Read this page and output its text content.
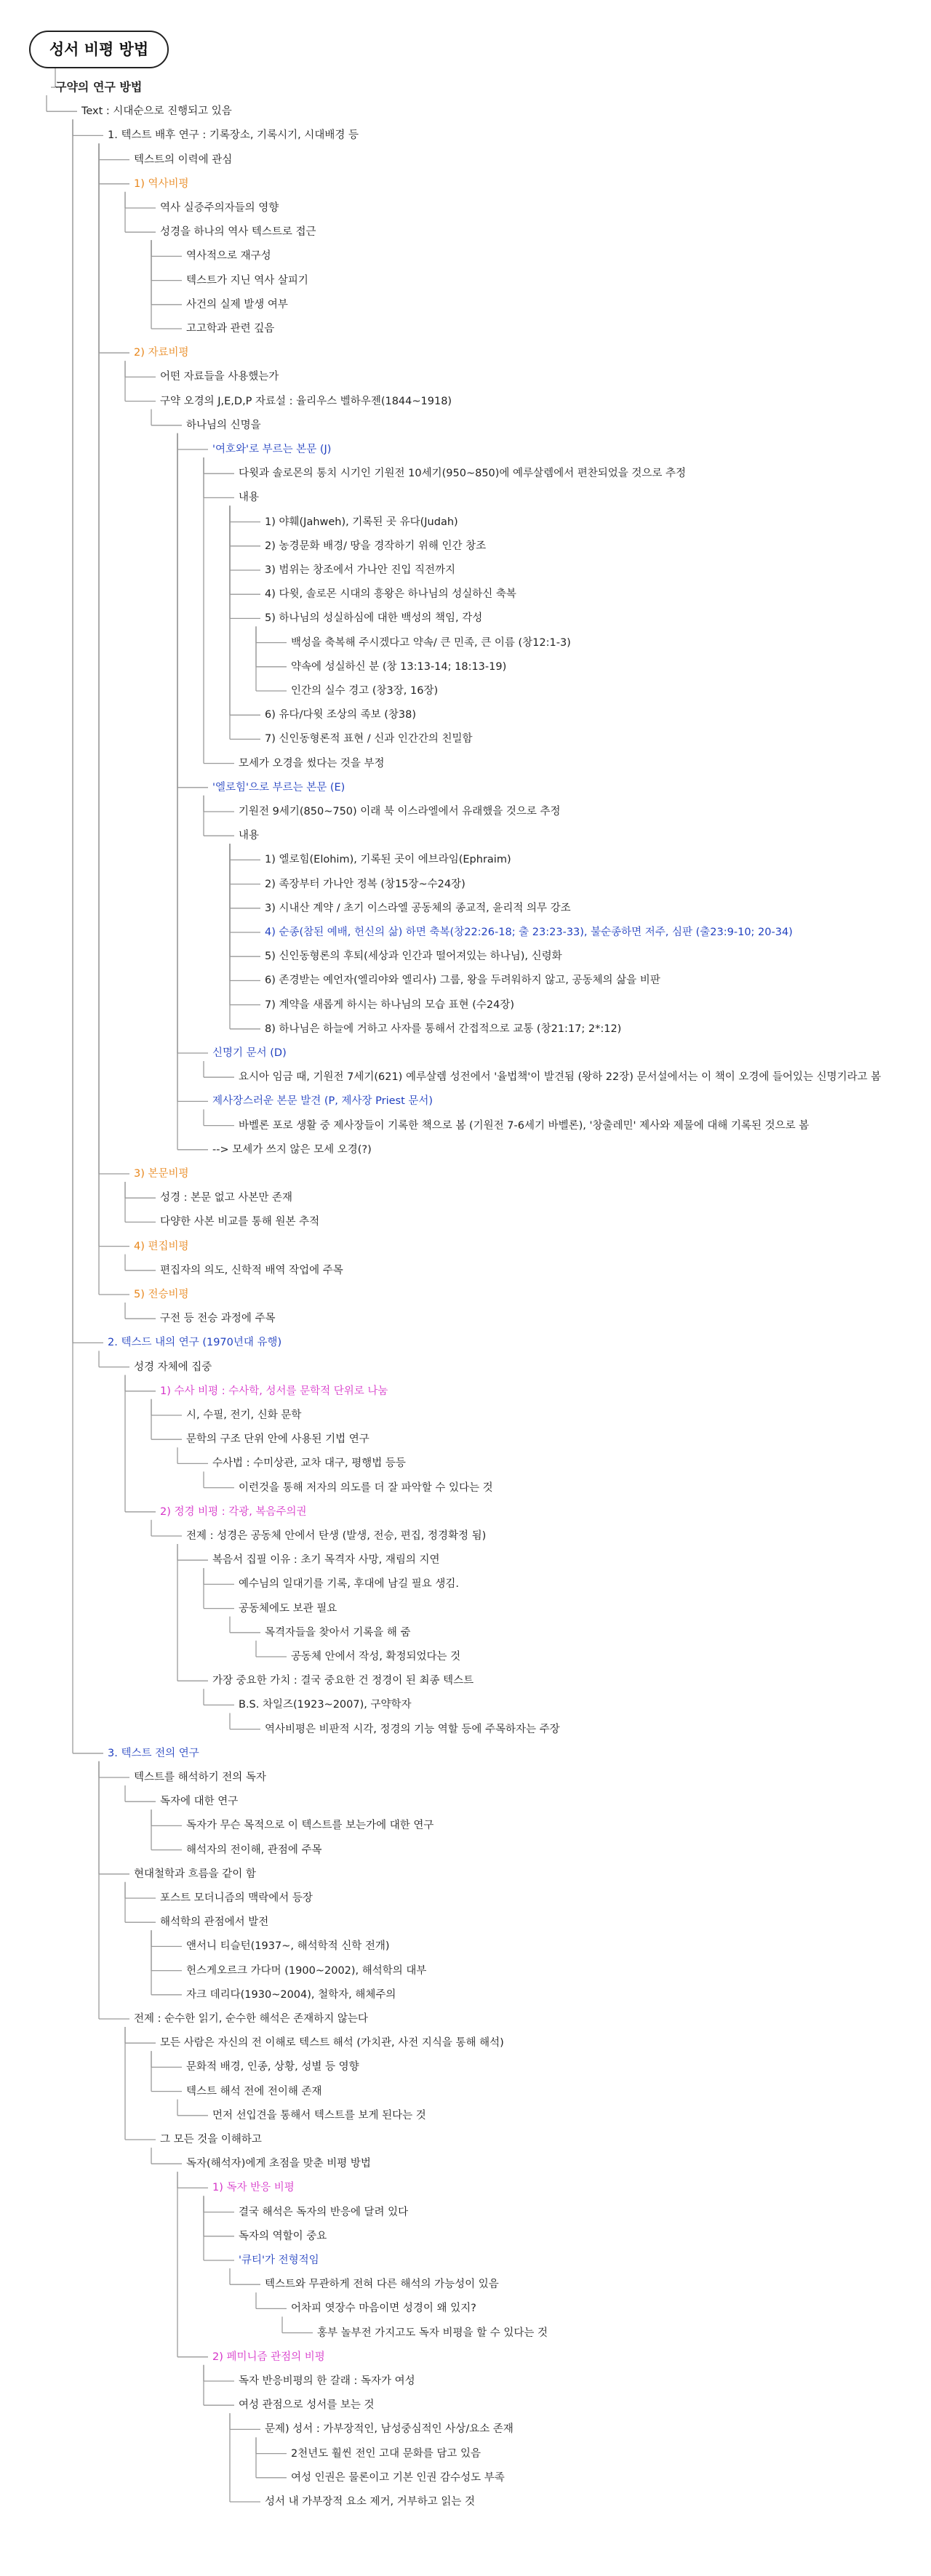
성서 비평 방법
구약의 연구 방법
Text : 시대순으로 진행되고 있음
1. 텍스트 배후 연구 : 기록장소, 기록시기, 시대배경 등
텍스트의 이력에 관심
1) 역사비평
역사 실증주의자들의 영향
성경을 하나의 역사 텍스트로 접근
역사적으로 재구성
텍스트가 지닌 역사 살피기
사건의 실제 발생 여부
고고학과 관련 깊음
2) 자료비평
어떤 자료들을 사용했는가
구약 오경의 J,E,D,P 자료설 : 율리우스 벨하우젠(1844~1918)
하나님의 신명을
'여호와'로 부르는 본문 (J)
다윗과 솔로몬의 통치 시기인 기원전 10세기(950~850)에 예루살렘에서 편찬되었을 것으로 추정
내용
1) 야훼(Jahweh), 기록된 곳 유다(Judah)
2) 농경문화 배경/ 땅을 경작하기 위해 인간 창조
3) 범위는 창조에서 가나안 진입 직전까지
4) 다윗, 솔로몬 시대의 흥왕은 하나님의 성실하신 축복
5) 하나님의 성실하심에 대한 백성의 책임, 각성
백성을 축복해 주시겠다고 약속/ 큰 민족, 큰 이름 (창12:1-3)
약속에 성실하신 분 (창 13:13-14; 18:13-19)
인간의 실수 경고 (창3장, 16장)
6) 유다/다윗 조상의 족보 (창38)
7) 신인동형론적 표현 / 신과 인간간의 친밀함
모세가 오경을 썼다는 것을 부정
'엘로힘'으로 부르는 본문 (E)
기원전 9세기(850~750) 이래 북 이스라엘에서 유래했을 것으로 추정
내용
1) 엘로힘(Elohim), 기록된 곳이 에브라임(Ephraim)
2) 족장부터 가나안 정복 (창15장~수24장)
3) 시내산 계약 / 초기 이스라엘 공동체의 종교적, 윤리적 의무 강조
4) 순종(참된 예배, 헌신의 삶) 하면 축복(창22:26-18; 출 23:23-33), 불순종하면 저주, 심판 (출23:9-10; 20-34)
5) 신인동형론의 후퇴(세상과 인간과 떨어져있는 하나님), 신령화
6) 존경받는 예언자(엘리야와 엘리사) 그룹, 왕을 두려워하지 않고, 공동체의 삶을 비판
7) 계약을 새롭게 하시는 하나님의 모습 표현 (수24장)
8) 하나님은 하늘에 거하고 사자를 통해서 간접적으로 교통 (창21:17; 2*:12)
신명기 문서 (D)
요시아 임금 때, 기원전 7세기(621) 예루살렘 성전에서 '율법책'이 발견됨 (왕하 22장) 문서설에서는 이 책이 오경에 들어있는 신명기라고 봄
제사장스러운 본문 발견 (P, 제사장 Priest 문서)
바벨론 포로 생활 중 제사장들이 기록한 책으로 봄 (기원전 7-6세기 바벨론), '창출레민' 제사와 제물에 대해 기록된 것으로 봄
--> 모세가 쓰지 않은 모세 오경(?)
3) 본문비평
성경 : 본문 없고 사본만 존재
다양한 사본 비교를 통해 원본 추적
4) 편집비평
편집자의 의도, 신학적 배역 작업에 주목
5) 전승비평
구전 등 전승 과정에 주목
2. 텍스드 내의 연구 (1970년대 유행)
성경 자체에 집중
1) 수사 비평 : 수사학, 성서를 문학적 단위로 나눔
시, 수필, 전기, 신화 문학
문학의 구조 단위 안에 사용된 기법 연구
수사법 : 수미상관, 교차 대구, 평행법 등등
이런것을 통해 저자의 의도를 더 잘 파악할 수 있다는 것
2) 정경 비평 : 각광, 복음주의권
전제 : 성경은 공동체 안에서 탄생 (발생, 전승, 편집, 정경확정 됨)
복음서 집필 이유 : 초기 목격자 사망, 재림의 지연
예수님의 일대기를 기록, 후대에 남길 필요 생김.
공동체에도 보관 필요
목격자들을 찾아서 기록을 해 줌
공동체 안에서 작성, 확정되었다는 것
가장 중요한 가치 : 결국 중요한 건 정경이 된 최종 텍스트
B.S. 차일즈(1923~2007), 구약학자
역사비평은 비판적 시각, 정경의 기능 역할 등에 주목하자는 주장
3. 텍스트 전의 연구
텍스트를 해석하기 전의 독자
독자에 대한 연구
독자가 무슨 목적으로 이 텍스트를 보는가에 대한 연구
해석자의 전이해, 관점에 주목
현대철학과 흐름을 같이 함
포스트 모더니즘의 맥락에서 등장
해석학의 관점에서 발전
앤서니 티슬턴(1937~, 해석학적 신학 전개)
헌스게오르크 가다머 (1900~2002), 해석학의 대부
자크 데리다(1930~2004), 철학자, 해체주의
전제 : 순수한 읽기, 순수한 해석은 존재하지 않는다
모든 사람은 자신의 전 이해로 텍스트 해석 (가치관, 사전 지식을 통해 해석)
문화적 배경, 인종, 상황, 성별 등 영향
텍스트 해석 전에 전이해 존재
먼저 선입견을 통해서 텍스트를 보게 된다는 것
그 모든 것을 이해하고
독자(해석자)에게 초점을 맞춘 비평 방법
1) 독자 반응 비평
결국 해석은 독자의 반응에 달려 있다
독자의 역할이 중요
'큐티'가 전형적임
텍스트와 무관하게 전혀 다른 해석의 가능성이 있음
어차피 엿장수 마음이면 성경이 왜 있지?
홍부 놀부전 가지고도 독자 비평을 할 수 있다는 것
2) 페미니즘 관점의 비평
독자 반응비평의 한 갈래 : 독자가 여성
여성 관점으로 성서를 보는 것
문제) 성서 : 가부장적인, 남성중심적인 사상/요소 존재
2천년도 훨씬 전인 고대 문화를 담고 있음
여성 인권은 물론이고 기본 인권 감수성도 부족
성서 내 가부장적 요소 제거, 거부하고 읽는 것
